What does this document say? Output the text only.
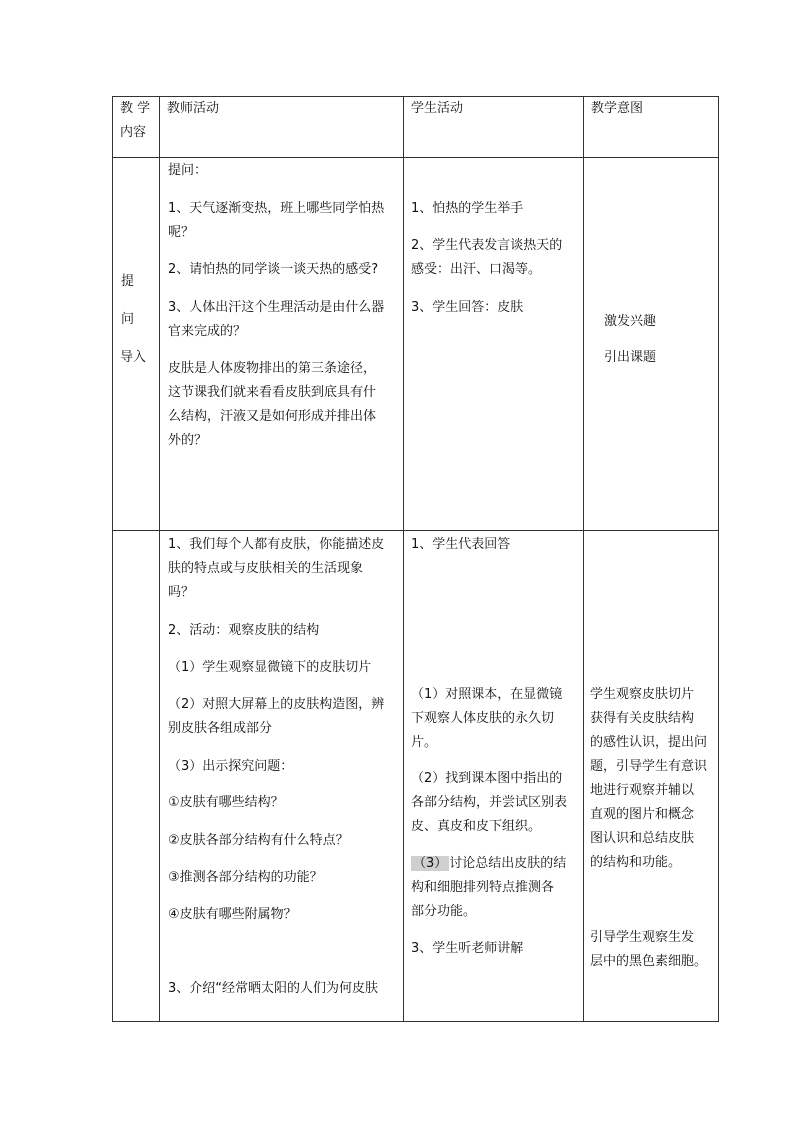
教 学
内容
教师活动	学生活动	教学意图
提
问
导入
提问：
1、天气逐渐变热，班上哪些同学怕热
呢？
2、请怕热的同学谈一谈天热的感受?
3、人体出汗这个生理活动是由什么器
官来完成的？
皮肤是人体废物排出的第三条途径，
这节课我们就来看看皮肤到底具有什
么结构，汗液又是如何形成并排出体
外的？
1、怕热的学生举手
2、学生代表发言谈热天的
感受：出汗、口渴等。
3、学生回答：皮肤
激发兴趣
引出课题
1、我们每个人都有皮肤，你能描述皮
肤的特点或与皮肤相关的生活现象
吗？
2、活动：观察皮肤的结构
（1）学生观察显微镜下的皮肤切片
（2）对照大屏幕上的皮肤构造图，辨
别皮肤各组成部分
（3）出示探究问题：
①皮肤有哪些结构？
②皮肤各部分结构有什么特点？
③推测各部分结构的功能？
④皮肤有哪些附属物？
3、介绍“经常晒太阳的人们为何皮肤
1、学生代表回答
（1）对照课本，在显微镜
下观察人体皮肤的永久切
片。
（2）找到课本图中指出的
各部分结构，并尝试区别表
皮、真皮和皮下组织。
（3） 讨论总结出皮肤的结
构和细胞排列特点推测各
部分功能。
3、学生听老师讲解
学生观察皮肤切片
获得有关皮肤结构
的感性认识，提出问
题，引导学生有意识
地进行观察并辅以
直观的图片和概念
图认识和总结皮肤
的结构和功能。
引导学生观察生发
层中的黑色素细胞。
